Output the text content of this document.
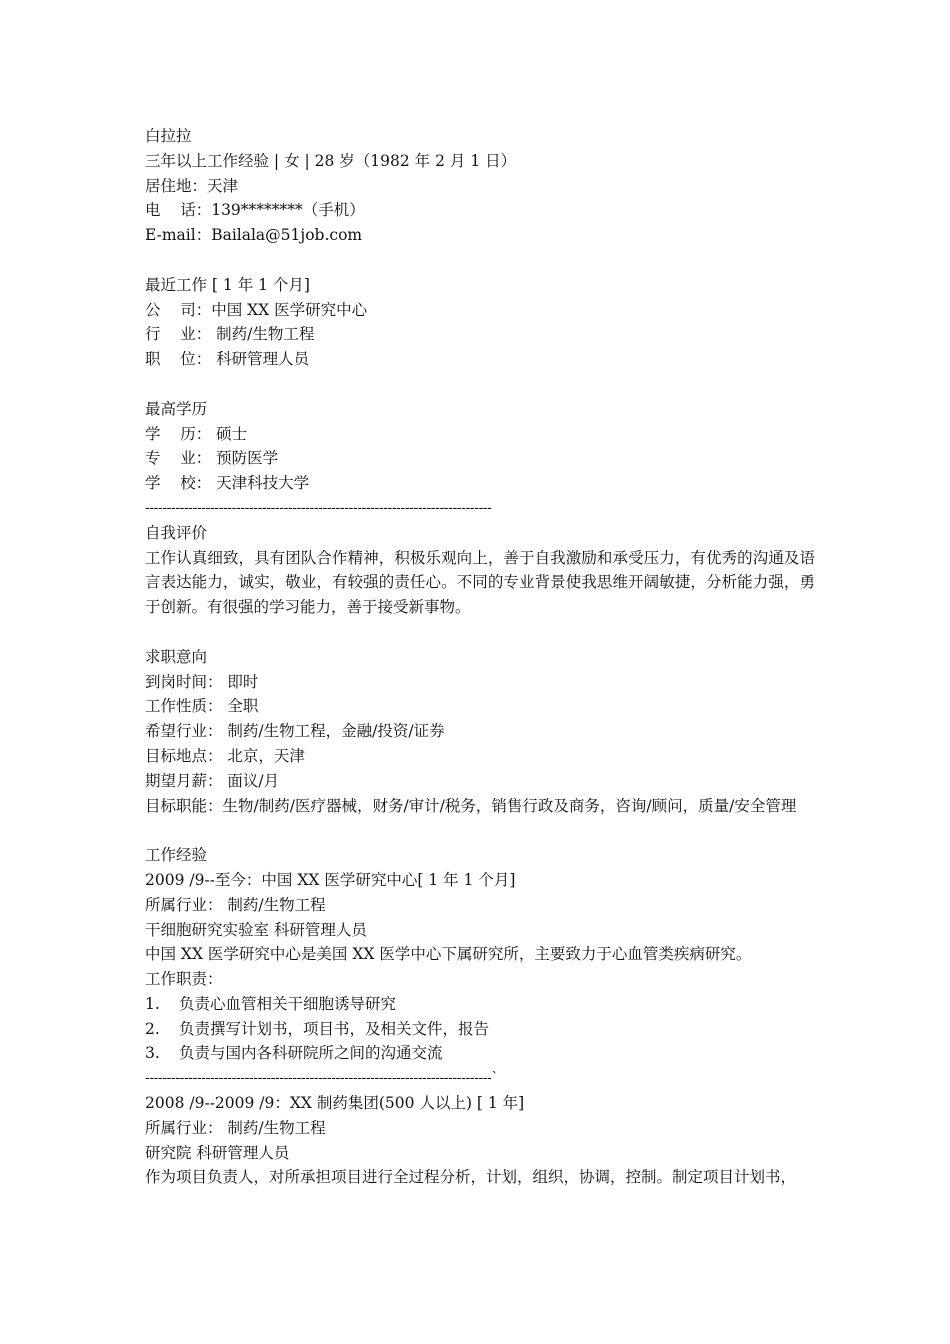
白拉拉
三年以上工作经验 | 女 | 28 岁（1982 年 2 月 1 日）
居住地：天津
电    话：139********（手机）
E-mail：Bailala@51job.com
最近工作 [ 1 年 1 个月]
公    司：中国 XX 医学研究中心
行    业： 制药/生物工程
职    位： 科研管理人员
最高学历
学    历： 硕士
专    业： 预防医学
学    校： 天津科技大学
--------------------------------------------------------------------------------
自我评价
工作认真细致，具有团队合作精神，积极乐观向上，善于自我激励和承受压力，有优秀的沟通及语言表达能力，诚实，敬业，有较强的责任心。不同的专业背景使我思维开阔敏捷，分析能力强，勇于创新。有很强的学习能力，善于接受新事物。
求职意向
到岗时间： 即时
工作性质： 全职
希望行业： 制药/生物工程，金融/投资/证券
目标地点： 北京，天津
期望月薪： 面议/月
目标职能：生物/制药/医疗器械，财务/审计/税务，销售行政及商务，咨询/顾问，质量/安全管理
工作经验
2009 /9--至今：中国 XX 医学研究中心[ 1 年 1 个月]
所属行业： 制药/生物工程
干细胞研究实验室 科研管理人员
中国 XX 医学研究中心是美国 XX 医学中心下属研究所，主要致力于心血管类疾病研究。
工作职责：
1. 负责心血管相关干细胞诱导研究
2. 负责撰写计划书，项目书，及相关文件，报告
3. 负责与国内各科研院所之间的沟通交流
--------------------------------------------------------------------------------`
2008 /9--2009 /9：XX 制药集团(500 人以上) [ 1 年]
所属行业： 制药/生物工程
研究院 科研管理人员
作为项目负责人，对所承担项目进行全过程分析，计划，组织，协调，控制。制定项目计划书，
